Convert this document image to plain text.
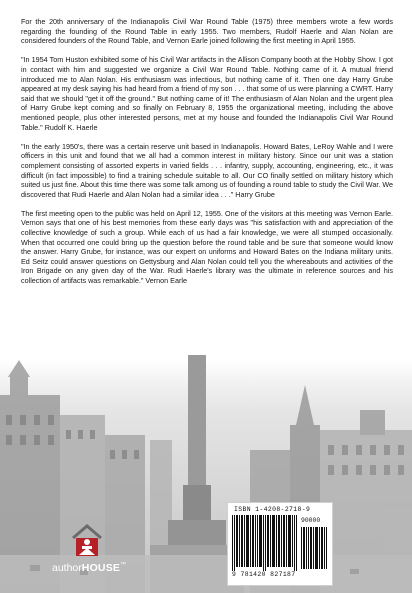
For the 20th anniversary of the Indianapolis Civil War Round Table (1975) three members wrote a few words regarding the founding of the Round Table in early 1955. Two members, Rudolf Haerle and Alan Nolan are considered founders of the Round Table, and Vernon Earle joined following the first meeting in April 1955.

"In 1954 Tom Huston exhibited some of his Civil War artifacts in the Allison Company booth at the Hobby Show. I got in contact with him and suggested we organize a Civil War Round Table. Nothing came of it. A mutual friend introduced me to Alan Nolan. His enthusiasm was infectious, but nothing came of it. Then one day Harry Grube appeared at my desk saying his had heard from a friend of my son . . . that some of us were planning a CWRT. Harry said that we should "get it off the ground." But nothing came of it! The enthusiasm of Alan Nolan and the urgent plea of Harry Grube kept coming and so finally on February 8, 1955 the organizational meeting, including the above mentioned people, plus other interested persons, met at my house and founded the Indianapolis Civil War Round Table." Rudolf K. Haerle

"In the early 1950's, there was a certain reserve unit based in Indianapolis. Howard Bates, LeRoy Wahle and I were officers in this unit and found that we all had a common interest in military history. Since our unit was a station complement consisting of assorted experts in varied fields . . . infantry, supply, accounting, engineering, etc., it was difficult (in fact impossible) to find a training schedule suitable to all. Our CO finally settled on military history which suited us just fine. About this time there was some talk among us of founding a round table to study the Civil War. We discovered that Rudi Haerle and Alan Nolan had a similar idea . . ." Harry Grube

The first meeting open to the public was held on April 12, 1955. One of the visitors at this meeting was Vernon Earle. Vernon says that one of his best memories from these early days was "his satisfaction with and appreciation of the collective knowledge of such a group. While each of us had a fair knowledge, we were all stumped occasionally. When that occurred one could bring up the question before the round table and be sure that someone would know the answer. Harry Grube, for instance, was our expert on uniforms and Howard Bates on the Indiana military units. Ed Seitz could answer questions on Gettysburg and Alan Nolan could tell you the whereabouts and activities of the Iron Brigade on any given day of the War. Rudi Haerle's library was the ultimate in reference sources and his collection of artifacts was remarkable." Vernon Earle

authorHOUSE™
ISBN 1-4208-2718-9
90000
9 781420 827187
